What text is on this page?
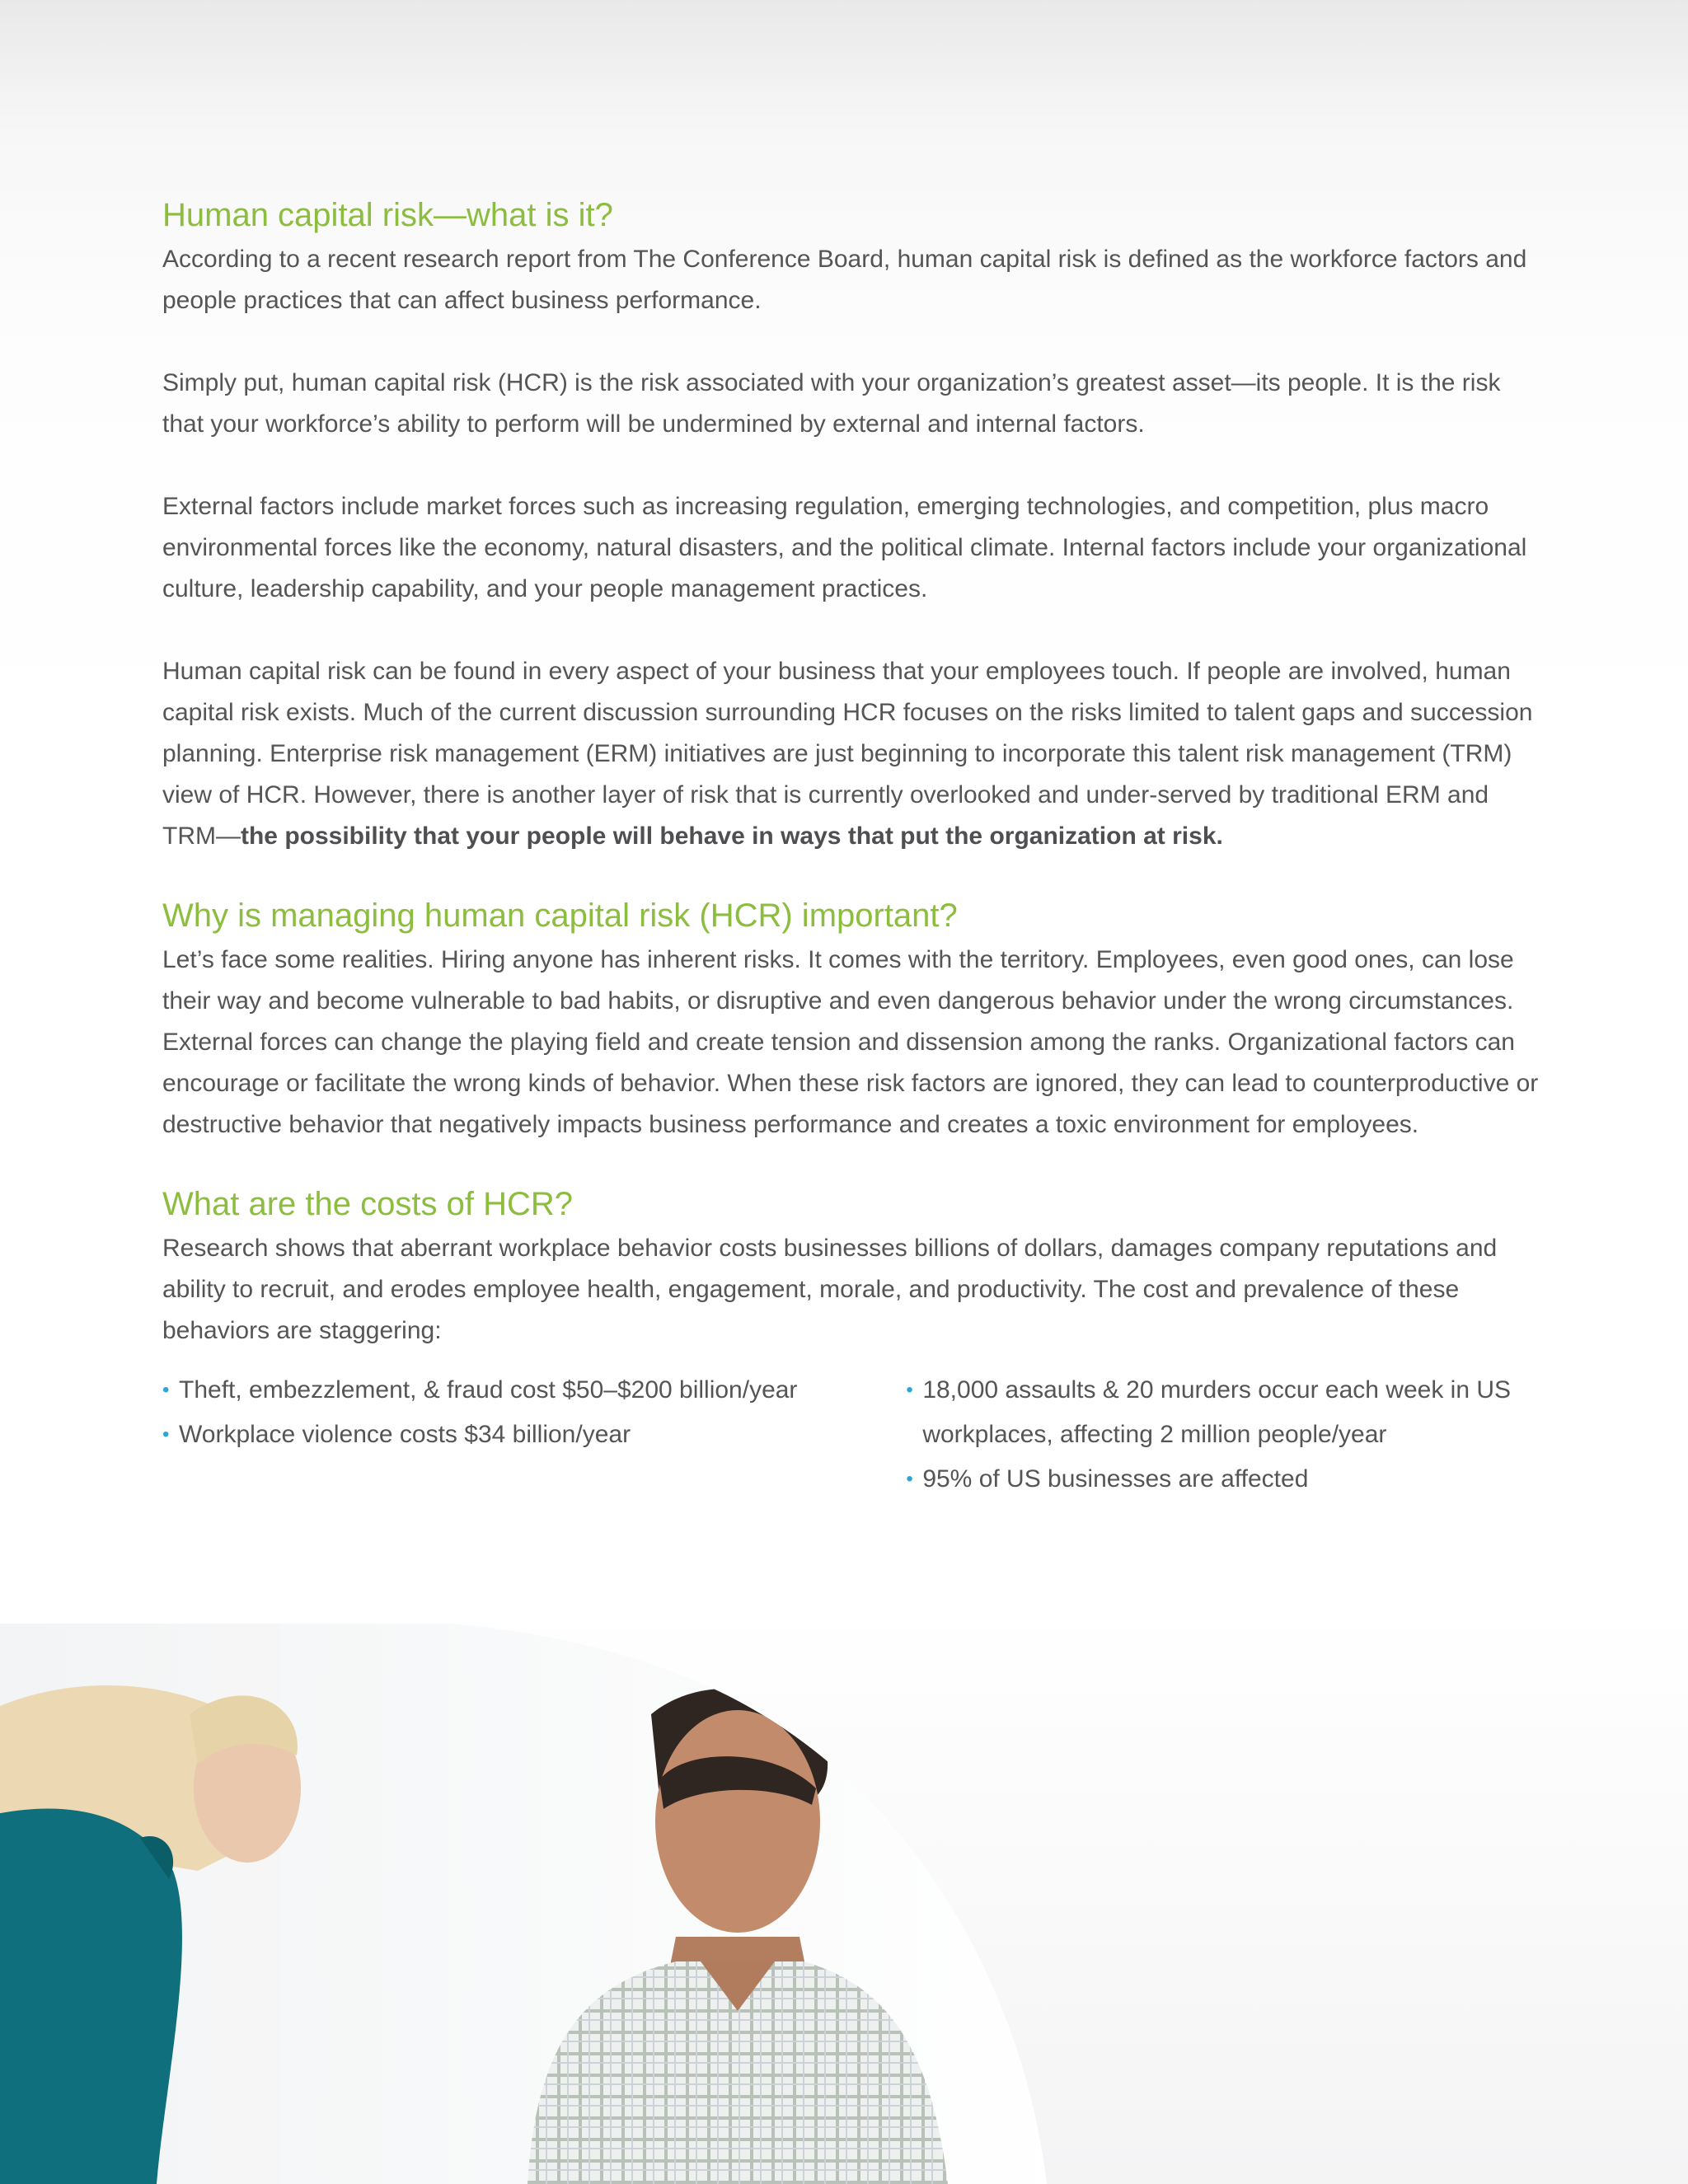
Human capital risk—what is it?

According to a recent research report from The Conference Board, human capital risk is defined as the workforce factors and people practices that can affect business performance.

Simply put, human capital risk (HCR) is the risk associated with your organization’s greatest asset—its people. It is the risk that your workforce’s ability to perform will be undermined by external and internal factors.

External factors include market forces such as increasing regulation, emerging technologies, and competition, plus macro environmental forces like the economy, natural disasters, and the political climate. Internal factors include your organizational culture, leadership capability, and your people management practices.

Human capital risk can be found in every aspect of your business that your employees touch. If people are involved, human capital risk exists. Much of the current discussion surrounding HCR focuses on the risks limited to talent gaps and succession planning. Enterprise risk management (ERM) initiatives are just beginning to incorporate this talent risk management (TRM) view of HCR. However, there is another layer of risk that is currently overlooked and under-served by traditional ERM and TRM—the possibility that your people will behave in ways that put the organization at risk.

Why is managing human capital risk (HCR) important?

Let’s face some realities. Hiring anyone has inherent risks. It comes with the territory. Employees, even good ones, can lose their way and become vulnerable to bad habits, or disruptive and even dangerous behavior under the wrong circumstances. External forces can change the playing field and create tension and dissension among the ranks. Organizational factors can encourage or facilitate the wrong kinds of behavior. When these risk factors are ignored, they can lead to counterproductive or destructive behavior that negatively impacts business performance and creates a toxic environment for employees.

What are the costs of HCR?

Research shows that aberrant workplace behavior costs businesses billions of dollars, damages company reputations and ability to recruit, and erodes employee health, engagement, morale, and productivity. The cost and prevalence of these behaviors are staggering:

• Theft, embezzlement, & fraud cost $50–$200 billion/year
• Workplace violence costs $34 billion/year
• 18,000 assaults & 20 murders occur each week in US workplaces, affecting 2 million people/year
• 95% of US businesses are affected
